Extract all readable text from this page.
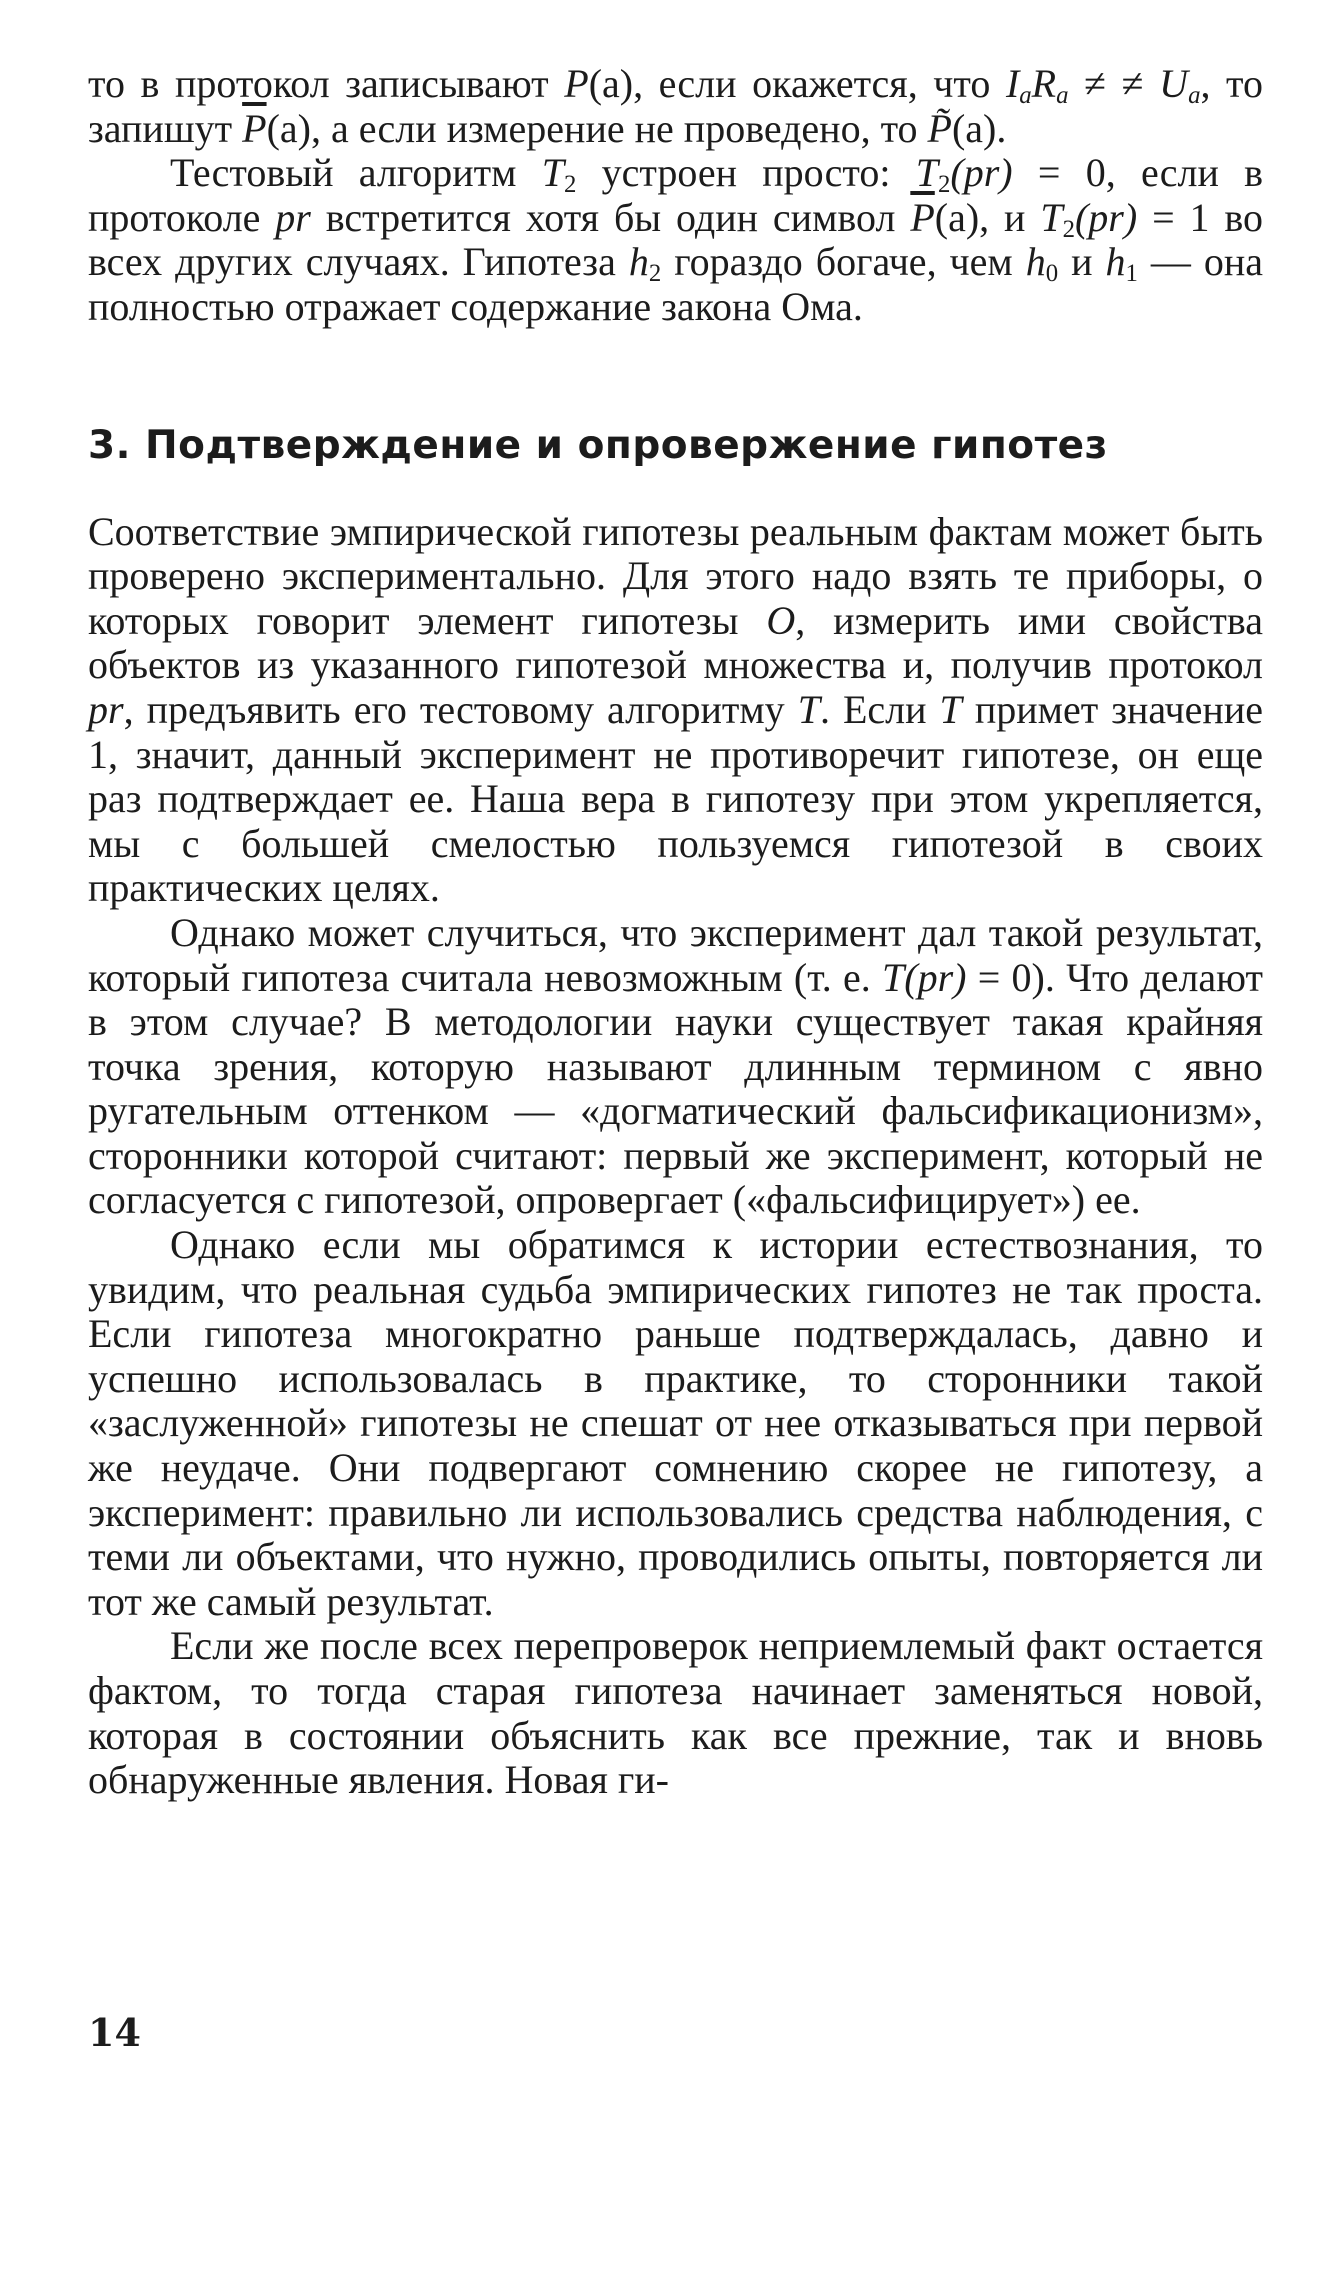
то в протокол записывают P(a), если окажется, что $I_aR_a$ ≠ ≠ $U_a$, то запишут $\overline{P}(a)$, а если измерение не проведено, то P̃(a).

Тестовый алгоритм $T_2$ устроен просто: $T_2(pr) = 0$, если в протоколе pr встретится хотя бы один символ $\overline{P}(a)$, и $T_2(pr) = 1$ во всех других случаях. Гипотеза $h_2$ гораздо богаче, чем $h_0$ и $h_1$ — она полностью отражает содержание закона Ома.

3. Подтверждение и опровержение гипотез

Соответствие эмпирической гипотезы реальным фактам может быть проверено экспериментально. Для этого надо взять те приборы, о которых говорит элемент гипотезы O, измерить ими свойства объектов из указанного гипотезой множества и, получив протокол pr, предъявить его тестовому алгоритму T. Если T примет значение 1, значит, данный эксперимент не противоречит гипотезе, он еще раз подтверждает ее. Наша вера в гипотезу при этом укрепляется, мы с большей смелостью пользуемся гипотезой в своих практических целях.

Однако может случиться, что эксперимент дал такой результат, который гипотеза считала невозможным (т. е. T(pr) = 0). Что делают в этом случае? В методологии науки существует такая крайняя точка зрения, которую называют длинным термином с явно ругательным оттенком — «догматический фальсификационизм», сторонники которой считают: первый же эксперимент, который не согласуется с гипотезой, опровергает («фальсифицирует») ее.

Однако если мы обратимся к истории естествознания, то увидим, что реальная судьба эмпирических гипотез не так проста. Если гипотеза многократно раньше подтверждалась, давно и успешно использовалась в практике, то сторонники такой «заслуженной» гипотезы не спешат от нее отказываться при первой же неудаче. Они подвергают сомнению скорее не гипотезу, а эксперимент: правильно ли использовались средства наблюдения, с теми ли объектами, что нужно, проводились опыты, повторяется ли тот же самый результат.

Если же после всех перепроверок неприемлемый факт остается фактом, то тогда старая гипотеза начинает заменяться новой, которая в состоянии объяснить как все прежние, так и вновь обнаруженные явления. Новая ги-

14
